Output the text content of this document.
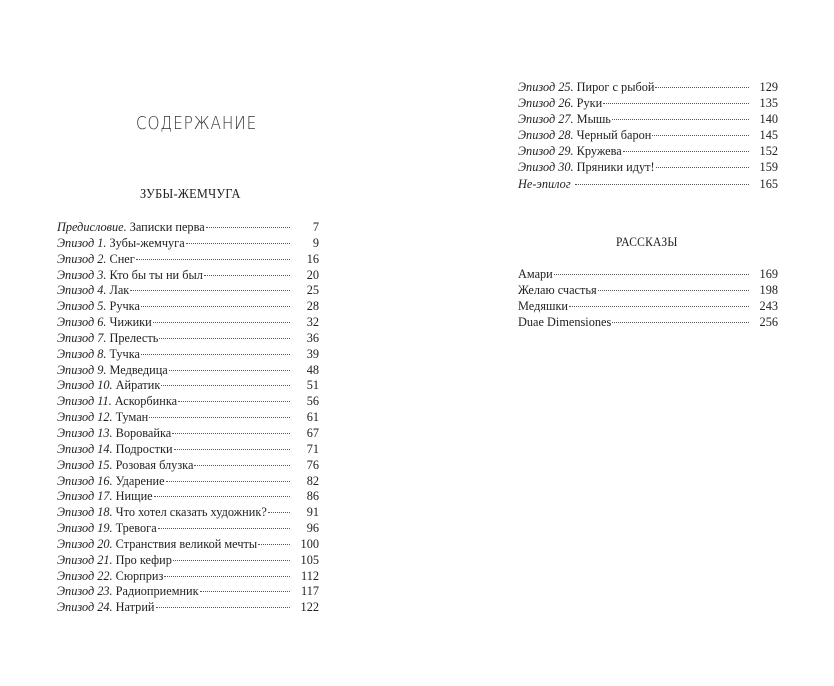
СОДЕРЖАНИЕ
ЗУБЫ-ЖЕМЧУГА
Предисловие. Записки перва	7
Эпизод 1. Зубы-жемчуга	9
Эпизод 2. Снег	16
Эпизод 3. Кто бы ты ни был	20
Эпизод 4. Лак	25
Эпизод 5. Ручка	28
Эпизод 6. Чижики	32
Эпизод 7. Прелесть	36
Эпизод 8. Тучка	39
Эпизод 9. Медведица	48
Эпизод 10. Айратик	51
Эпизод 11. Аскорбинка	56
Эпизод 12. Туман	61
Эпизод 13. Воровайка	67
Эпизод 14. Подростки	71
Эпизод 15. Розовая блузка	76
Эпизод 16. Ударение	82
Эпизод 17. Нищие	86
Эпизод 18. Что хотел сказать художник?	91
Эпизод 19. Тревога	96
Эпизод 20. Странствия великой мечты	100
Эпизод 21. Про кефир	105
Эпизод 22. Сюрприз	112
Эпизод 23. Радиоприемник	117
Эпизод 24. Натрий	122
Эпизод 25. Пирог с рыбой	129
Эпизод 26. Руки	135
Эпизод 27. Мышь	140
Эпизод 28. Черный барон	145
Эпизод 29. Кружева	152
Эпизод 30. Пряники идут!	159
Не-эпилог	165
РАССКАЗЫ
Амари	169
Желаю счастья	198
Медяшки	243
Duae Dimensiones	256
